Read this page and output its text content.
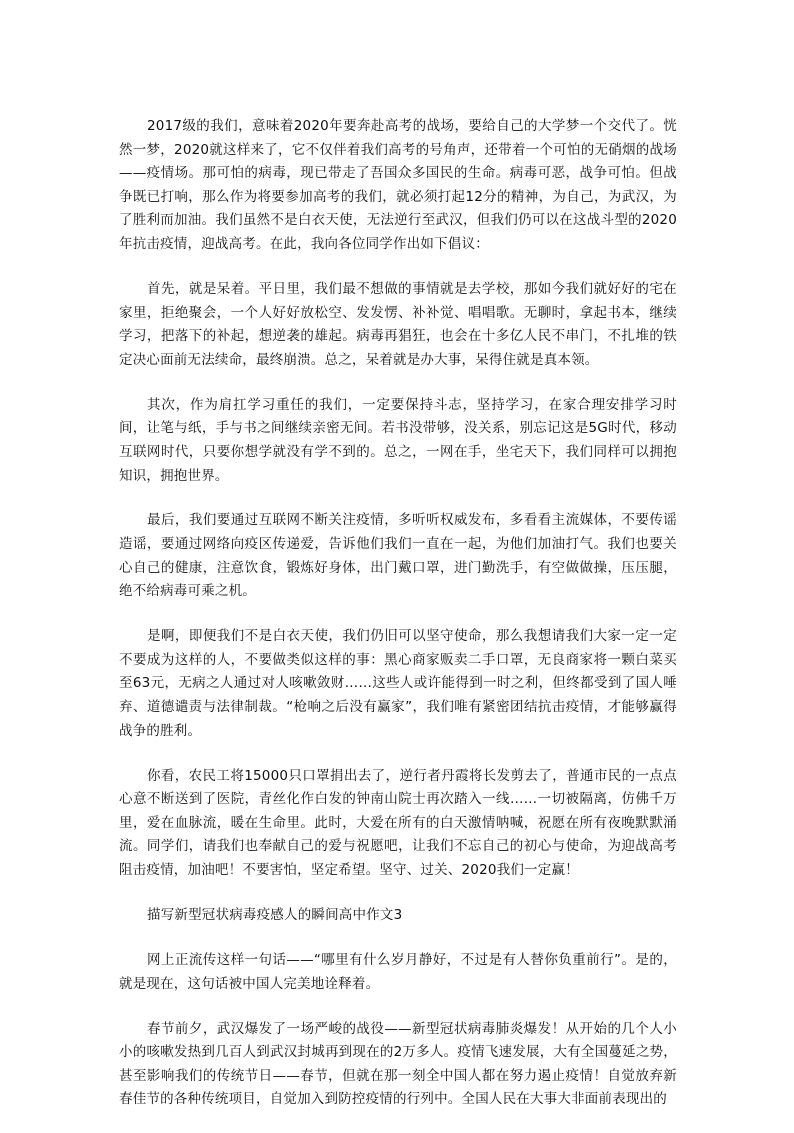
2017级的我们，意味着2020年要奔赴高考的战场，要给自己的大学梦一个交代了。恍然一梦，2020就这样来了，它不仅伴着我们高考的号角声，还带着一个可怕的无硝烟的战场——疫情场。那可怕的病毒，现已带走了吾国众多国民的生命。病毒可恶，战争可怕。但战争既已打响，那么作为将要参加高考的我们，就必须打起12分的精神，为自己，为武汉，为了胜利而加油。我们虽然不是白衣天使，无法逆行至武汉，但我们仍可以在这战斗型的2020年抗击疫情，迎战高考。在此，我向各位同学作出如下倡议：

首先，就是呆着。平日里，我们最不想做的事情就是去学校，那如今我们就好好的宅在家里，拒绝聚会，一个人好好放松空、发发愣、补补觉、唱唱歌。无聊时，拿起书本，继续学习，把落下的补起，想逆袭的雄起。病毒再猖狂，也会在十多亿人民不串门，不扎堆的铁定决心面前无法续命，最终崩溃。总之，呆着就是办大事，呆得住就是真本领。

其次，作为肩扛学习重任的我们，一定要保持斗志，坚持学习，在家合理安排学习时间，让笔与纸，手与书之间继续亲密无间。若书没带够，没关系，别忘记这是5G时代，移动互联网时代，只要你想学就没有学不到的。总之，一网在手，坐宅天下，我们同样可以拥抱知识，拥抱世界。

最后，我们要通过互联网不断关注疫情，多听听权威发布，多看看主流媒体，不要传谣造谣，要通过网络向疫区传递爱，告诉他们我们一直在一起，为他们加油打气。我们也要关心自己的健康，注意饮食，锻炼好身体，出门戴口罩，进门勤洗手，有空做做操，压压腿，绝不给病毒可乘之机。

是啊，即便我们不是白衣天使，我们仍旧可以坚守使命，那么我想请我们大家一定一定不要成为这样的人，不要做类似这样的事：黑心商家贩卖二手口罩，无良商家将一颗白菜买至63元，无病之人通过对人咳嗽敛财……这些人或许能得到一时之利，但终都受到了国人唾弃、道德谴责与法律制裁。“枪响之后没有赢家”，我们唯有紧密团结抗击疫情，才能够赢得战争的胜利。

你看，农民工将15000只口罩捐出去了，逆行者丹霞将长发剪去了，普通市民的一点点心意不断送到了医院，青丝化作白发的钟南山院士再次踏入一线……一切被隔离，仿佛千万里，爱在血脉流，暖在生命里。此时，大爱在所有的白天激情呐喊，祝愿在所有夜晚默默涌流。同学们，请我们也奉献自己的爱与祝愿吧，让我们不忘自己的初心与使命，为迎战高考阻击疫情，加油吧！不要害怕，坚定希望。坚守、过关、2020我们一定赢！

描写新型冠状病毒疫感人的瞬间高中作文3

网上正流传这样一句话——“哪里有什么岁月静好，不过是有人替你负重前行”。是的，就是现在，这句话被中国人完美地诠释着。

春节前夕，武汉爆发了一场严峻的战役——新型冠状病毒肺炎爆发！从开始的几个人小小的咳嗽发热到几百人到武汉封城再到现在的2万多人。疫情飞速发展，大有全国蔓延之势，甚至影响我们的传统节日——春节，但就在那一刻全中国人都在努力遏止疫情！自觉放弃新春佳节的各种传统项目，自觉加入到防控疫情的行列中。全国人民在大事大非面前表现出的
